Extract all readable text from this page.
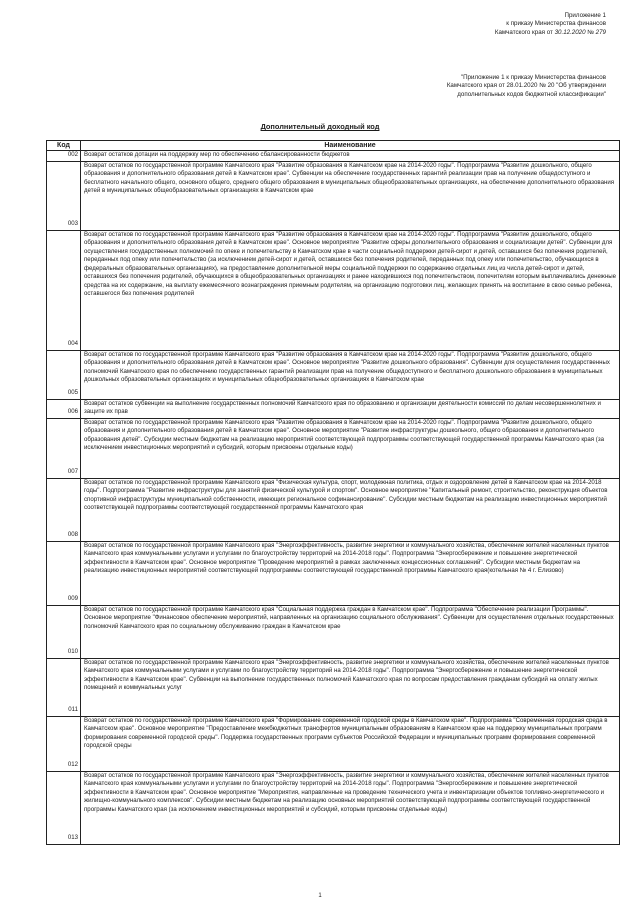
Приложение 1
к приказу Министерства финансов
Камчатского края от 30.12.2020 № 279
"Приложение 1 к приказу Министерства финансов
Камчатского края от 28.01.2020 № 20 "Об утверждении
дополнительных кодов бюджетной классификации"
Дополнительный доходный код
Код	Наименование
002	Возврат остатков дотации на поддержку мер по обеспечению сбалансированности бюджетов
003	Возврат остатков по государственной программе Камчатского края "Развитие образования в Камчатском крае на 2014-2020 годы". Подпрограмма "Развитие дошкольного, общего образования и дополнительного образования детей в Камчатском крае". Субвенции на обеспечение государственных гарантий реализации прав на получение общедоступного и бесплатного начального общего, основного общего, среднего общего образования в муниципальных общеобразовательных организациях, на обеспечение дополнительного образования детей в муниципальных общеобразовательных организациях в Камчатском крае
004	Возврат остатков по государственной программе Камчатского края "Развитие образования в Камчатском крае на 2014-2020 годы". Подпрограмма "Развитие дошкольного, общего образования и дополнительного образования детей в Камчатском крае". Основное мероприятие "Развитие сферы дополнительного образования и социализации детей". Субвенции для осуществления государственных полномочий по опеке и попечительству в Камчатском крае в части социальной поддержки детей-сирот и детей, оставшихся без попечения родителей, переданных под опеку или попечительство (за исключением детей-сирот и детей, оставшихся без попечения родителей, переданных под опеку или попечительство, обучающихся в федеральных образовательных организациях), на предоставление дополнительной меры социальной поддержки по содержанию отдельных лиц из числа детей-сирот и детей, оставшихся без попечения родителей, обучающихся в общеобразовательных организациях и ранее находившихся под попечительством, попечителям которым выплачивались денежные средства на их содержание, на выплату ежемесячного вознаграждения приемным родителям, на организацию подготовки лиц, желающих принять на воспитание в свою семью ребенка, оставшегося без попечения родителей
005	Возврат остатков по государственной программе Камчатского края "Развитие образования в Камчатском крае на 2014-2020 годы". Подпрограмма "Развитие дошкольного, общего образования и дополнительного образования детей в Камчатском крае". Основное мероприятие "Развитие дошкольного образования". Субвенции для осуществления государственных полномочий Камчатского края по обеспечению государственных гарантий реализации прав на получение общедоступного и бесплатного дошкольного образования в муниципальных дошкольных образовательных организациях и муниципальных общеобразовательных организациях в Камчатском крае
006	Возврат остатков субвенции на выполнение государственных полномочий Камчатского края по образованию и организации деятельности комиссий по делам несовершеннолетних и защите их прав
007	Возврат остатков по государственной программе Камчатского края "Развитие образования в Камчатском крае на 2014-2020 годы". Подпрограмма "Развитие дошкольного, общего образования и дополнительного образования детей в Камчатском крае". Основное мероприятие "Развитие инфраструктуры дошкольного, общего образования и дополнительного образования детей". Субсидии местным бюджетам на реализацию мероприятий соответствующей подпрограммы соответствующей государственной программы Камчатского края (за исключением инвестиционных мероприятий и субсидий, которым присвоены отдельные коды)
008	Возврат остатков по государственной программе Камчатского края "Физическая культура, спорт, молодежная политика, отдых и оздоровление детей в Камчатском крае на 2014-2018 годы". Подпрограмма "Развитие инфраструктуры для занятий физической культурой и спортом". Основное мероприятие "Капитальный ремонт, строительство, реконструкция объектов спортивной инфраструктуры муниципальной собственности, имеющих региональное софинансирование". Субсидии местным бюджетам на реализацию инвестиционных мероприятий соответствующей подпрограммы соответствующей государственной программы Камчатского края
009	Возврат остатков по государственной программе Камчатского края "Энергоэффективность, развитие энергетики и коммунального хозяйства, обеспечение жителей населенных пунктов Камчатского края коммунальными услугами и услугами по благоустройству территорий на 2014-2018 годы". Подпрограмма "Энергосбережение и повышение энергетической эффективности в Камчатском крае". Основное мероприятие "Проведение мероприятий в рамках заключенных концессионных соглашений". Субсидии местным бюджетам на реализацию инвестиционных мероприятий соответствующей подпрограммы соответствующей государственной программы Камчатского края(котельная № 4 г. Елизово)
010	Возврат остатков по государственной программе Камчатского края "Социальная поддержка граждан в Камчатском крае". Подпрограмма "Обеспечение реализации Программы". Основное мероприятие "Финансовое обеспечение мероприятий, направленных на организацию социального обслуживания". Субвенции для осуществления отдельных государственных полномочий Камчатского края по социальному обслуживанию граждан в Камчатском крае
011	Возврат остатков по государственной программе Камчатского края "Энергоэффективность, развитие энергетики и коммунального хозяйства, обеспечение жителей населенных пунктов Камчатского края коммунальными услугами и услугами по благоустройству территорий на 2014-2018 годы". Подпрограмма "Энергосбережение и повышение энергетической эффективности в Камчатском крае". Субвенции на выполнение государственных полномочий Камчатского края по вопросам предоставления гражданам субсидий на оплату жилых помещений и коммунальных услуг
012	Возврат остатков по государственной программе Камчатского края "Формирование современной городской среды в Камчатском крае". Подпрограмма "Современная городская среда в Камчатском крае". Основное мероприятие "Предоставление межбюджетных трансфертов муниципальным образованиям в Камчатском крае на поддержку муниципальных программ формирования современной городской среды". Поддержка государственных программ субъектов Российской Федерации и муниципальных программ формирования современной городской среды
013	Возврат остатков по государственной программе Камчатского края "Энергоэффективность, развитие энергетики и коммунального хозяйства, обеспечение жителей населенных пунктов Камчатского края коммунальными услугами и услугами по благоустройству территорий на 2014-2018 годы". Подпрограмма "Энергосбережение и повышение энергетической эффективности в Камчатском крае". Основное мероприятие "Мероприятия, направленные на проведение технического учета и инвентаризации объектов топливно-энергетического и жилищно-коммунального комплексов". Субсидии местным бюджетам на реализацию основных мероприятий соответствующей подпрограммы соответствующей государственной программы Камчатского края (за исключением инвестиционных мероприятий и субсидий, которым присвоены отдельные коды)
1
